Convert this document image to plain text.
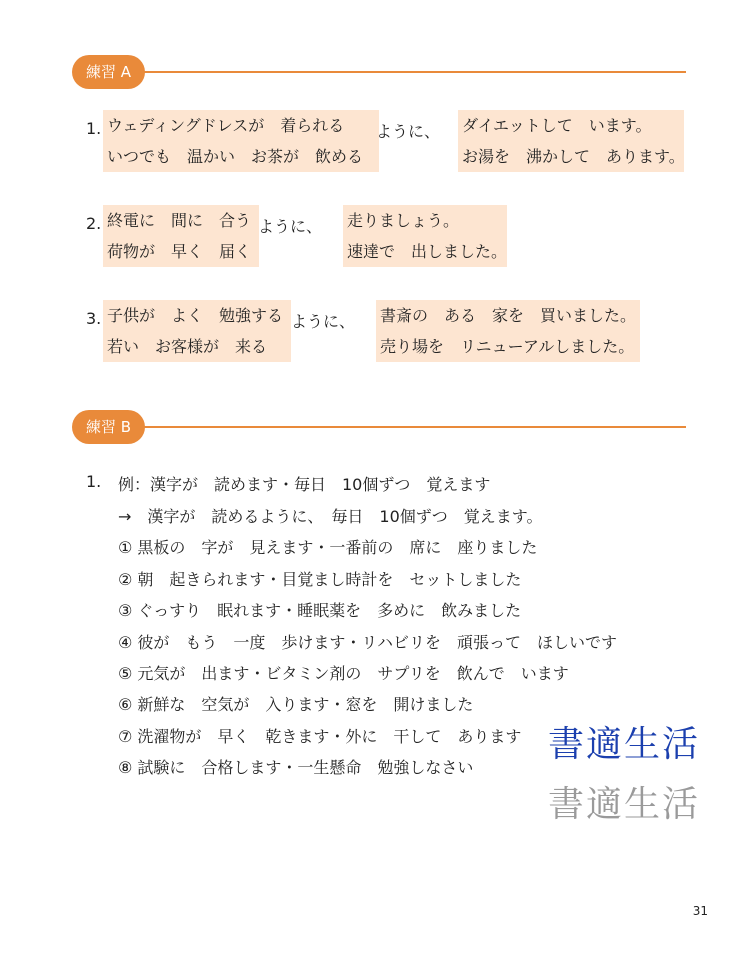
練習 A
1. ウェディングドレスが　着られる
いつでも　温かい　お茶が　飲める
ように、 ダイエットして　います。
お湯を　沸かして　あります。
2. 終電に　間に　合う
荷物が　早く　届く
ように、 走りましょう。
速達で　出しました。
3. 子供が　よく　勉強する
若い　お客様が　来る
ように、 書斎の　ある　家を　買いました。
売り場を　リニューアルしました。
練習 B
1. 例：漢字が　読めます・毎日　10個ずつ　覚えます
→　漢字が　読めるように、　毎日　10個ずつ　覚えます。
① 黒板の　字が　見えます・一番前の　席に　座りました
② 朝　起きられます・目覚まし時計を　セットしました
③ ぐっすり　眠れます・睡眠薬を　多めに　飲みました
④ 彼が　もう　一度　歩けます・リハビリを　頑張って　ほしいです
⑤ 元気が　出ます・ビタミン剤の　サプリを　飲んで　います
⑥ 新鮮な　空気が　入ります・窓を　開けました
⑦ 洗濯物が　早く　乾きます・外に　干して　あります
⑧ 試験に　合格します・一生懸命　勉強しなさい
書適生活
書適生活
31
